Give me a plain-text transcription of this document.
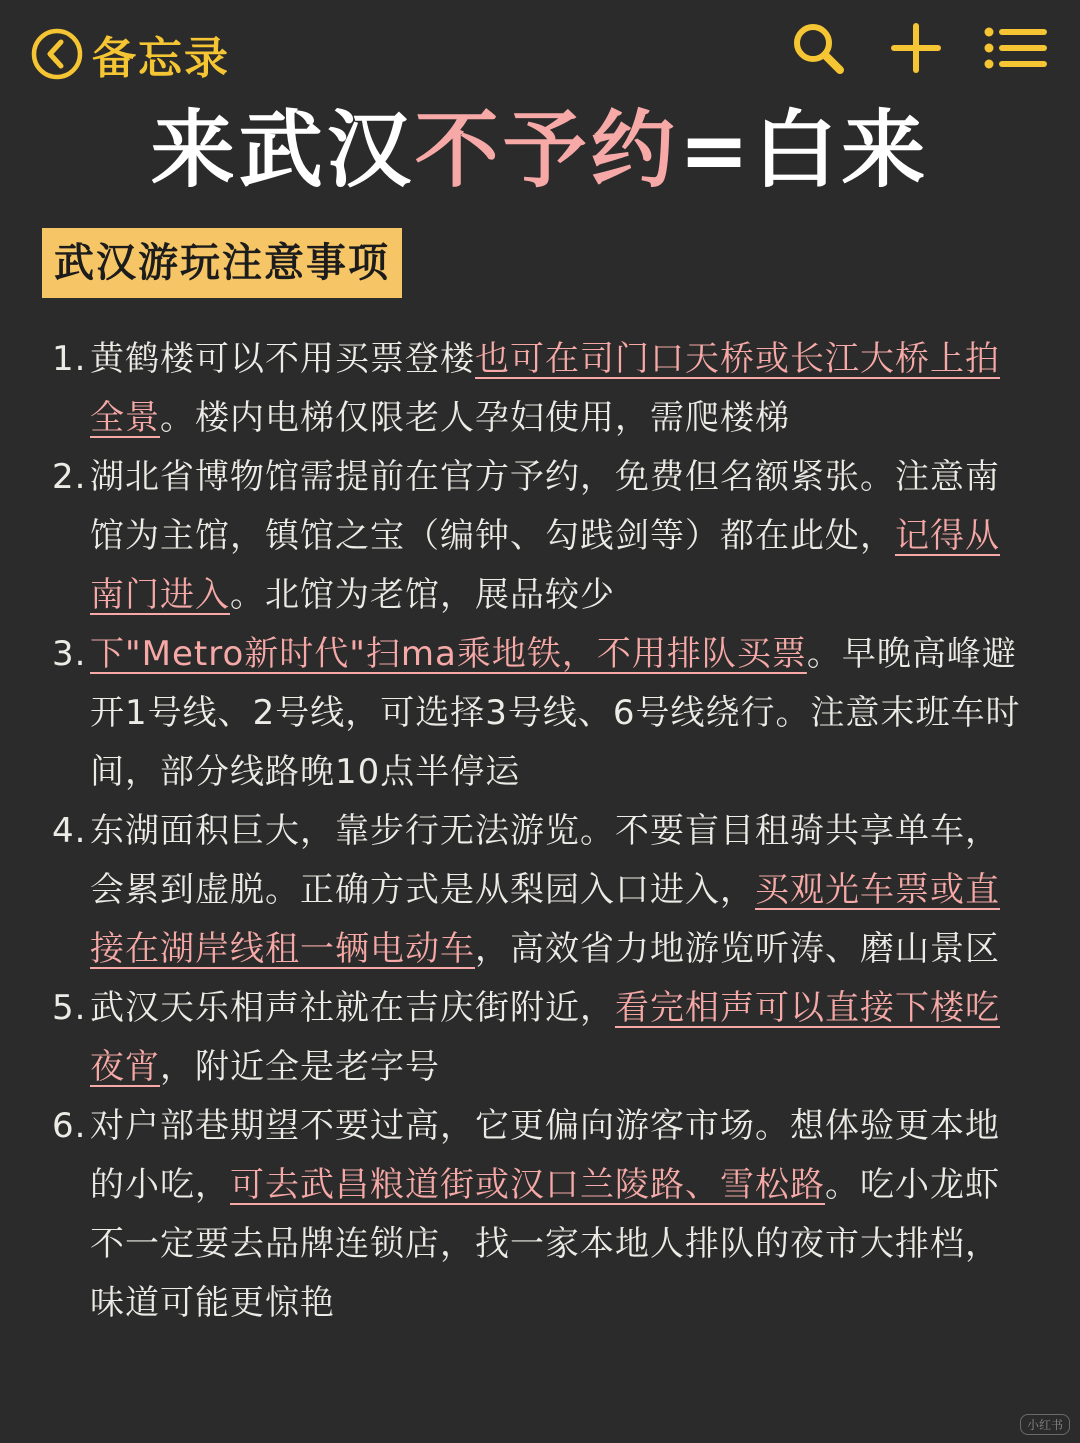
备忘录
来武汉不予约=白来
武汉游玩注意事项
1. 黄鹤楼可以不用买票登楼也可在司门口天桥或长江大桥上拍全景。楼内电梯仅限老人孕妇使用，需爬楼梯
2. 湖北省博物馆需提前在官方予约，免费但名额紧张。注意南馆为主馆，镇馆之宝（编钟、勾践剑等）都在此处，记得从南门进入。北馆为老馆，展品较少
3. 下"Metro新时代"扫ma乘地铁，不用排队买票。早晚高峰避开1号线、2号线，可选择3号线、6号线绕行。注意末班车时间，部分线路晚10点半停运
4. 东湖面积巨大，靠步行无法游览。不要盲目租骑共享单车，会累到虚脱。正确方式是从梨园入口进入，买观光车票或直接在湖岸线租一辆电动车，高效省力地游览听涛、磨山景区
5. 武汉天乐相声社就在吉庆街附近，看完相声可以直接下楼吃夜宵，附近全是老字号
6. 对户部巷期望不要过高，它更偏向游客市场。想体验更本地的小吃，可去武昌粮道街或汉口兰陵路、雪松路。吃小龙虾不一定要去品牌连锁店，找一家本地人排队的夜市大排档，味道可能更惊艳
小红书
